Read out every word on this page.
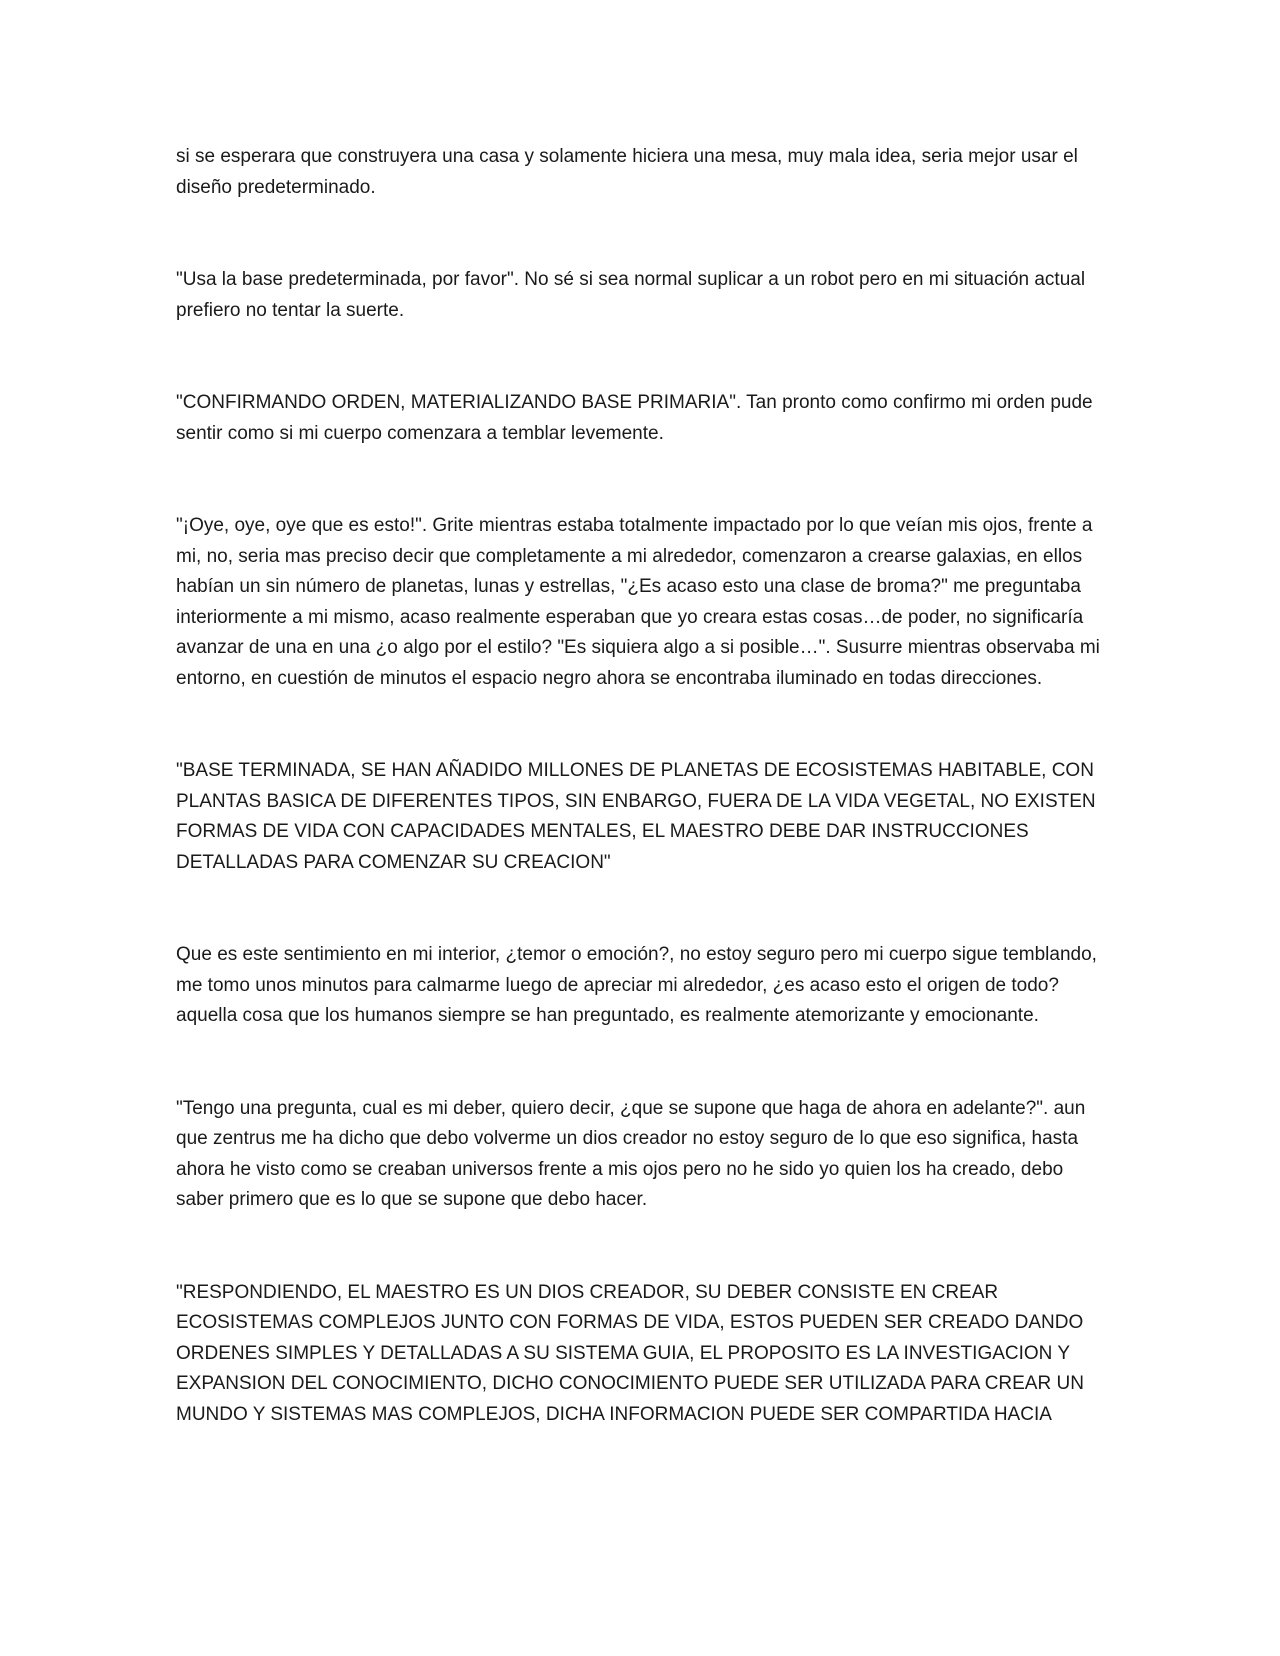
si se esperara que construyera una casa y solamente hiciera una mesa, muy mala idea, seria mejor usar el diseño predeterminado.

"Usa la base predeterminada, por favor". No sé si sea normal suplicar a un robot pero en mi situación actual prefiero no tentar la suerte.

"CONFIRMANDO ORDEN, MATERIALIZANDO BASE PRIMARIA". Tan pronto como confirmo mi orden pude sentir como si mi cuerpo comenzara a temblar levemente.

"¡Oye, oye, oye que es esto!". Grite mientras estaba totalmente impactado por lo que veían mis ojos, frente a mi, no, seria mas preciso decir que completamente a mi alrededor, comenzaron a crearse galaxias, en ellos habían un sin número de planetas, lunas y estrellas, "¿Es acaso esto una clase de broma?" me preguntaba interiormente a mi mismo, acaso realmente esperaban que yo creara estas cosas…de poder, no significaría avanzar de una en una ¿o algo por el estilo? "Es siquiera algo a si posible…". Susurre mientras observaba mi entorno, en cuestión de minutos el espacio negro ahora se encontraba iluminado en todas direcciones.

"BASE TERMINADA, SE HAN AÑADIDO MILLONES DE PLANETAS DE ECOSISTEMAS HABITABLE, CON PLANTAS BASICA DE DIFERENTES TIPOS, SIN ENBARGO, FUERA DE LA VIDA VEGETAL, NO EXISTEN FORMAS DE VIDA CON CAPACIDADES MENTALES, EL MAESTRO DEBE DAR INSTRUCCIONES DETALLADAS PARA COMENZAR SU CREACION"

Que es este sentimiento en mi interior, ¿temor o emoción?, no estoy seguro pero mi cuerpo sigue temblando, me tomo unos minutos para calmarme luego de apreciar mi alrededor, ¿es acaso esto el origen de todo? aquella cosa que los humanos siempre se han preguntado, es realmente atemorizante y emocionante.

"Tengo una pregunta, cual es mi deber, quiero decir, ¿que se supone que haga de ahora en adelante?". aun que zentrus me ha dicho que debo volverme un dios creador no estoy seguro de lo que eso significa, hasta ahora he visto como se creaban universos frente a mis ojos pero no he sido yo quien los ha creado, debo saber primero que es lo que se supone que debo hacer.

"RESPONDIENDO, EL MAESTRO ES UN DIOS CREADOR, SU DEBER CONSISTE EN CREAR ECOSISTEMAS COMPLEJOS JUNTO CON FORMAS DE VIDA, ESTOS PUEDEN SER CREADO DANDO ORDENES SIMPLES Y DETALLADAS A SU SISTEMA GUIA, EL PROPOSITO ES LA INVESTIGACION Y EXPANSION DEL CONOCIMIENTO, DICHO CONOCIMIENTO PUEDE SER UTILIZADA PARA CREAR UN MUNDO Y SISTEMAS MAS COMPLEJOS, DICHA INFORMACION PUEDE SER COMPARTIDA HACIA
